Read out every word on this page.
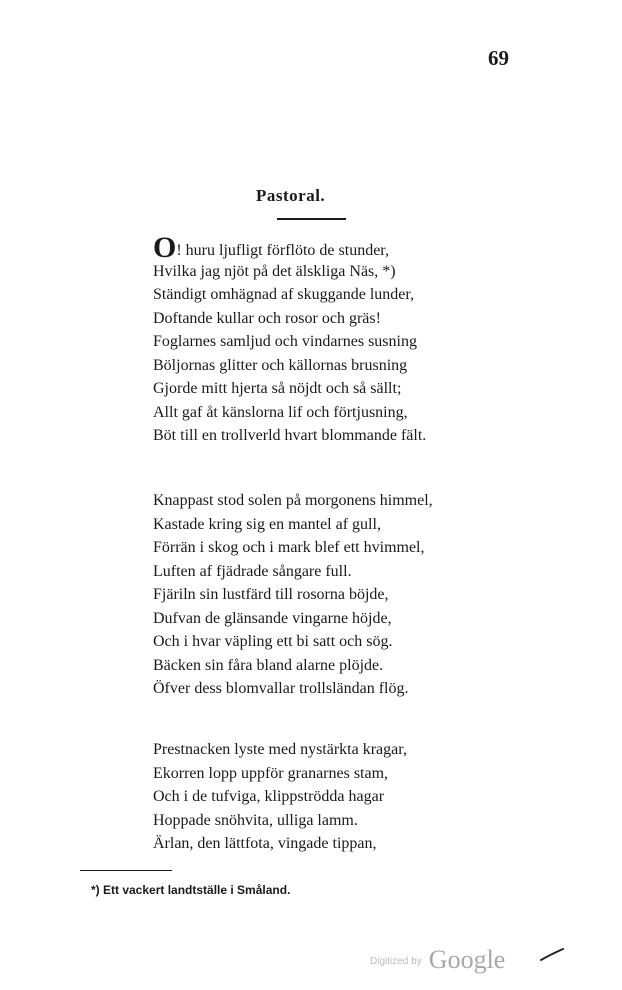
69
Pastoral.
O! huru ljufligt förflöto de stunder,
Hvilka jag njöt på det älskliga Näs, *)
Ständigt omhägnad af skuggande lunder,
Doftande kullar och rosor och gräs!
Foglarnes samljud och vindarnes susning
Böljornas glitter och källornas brusning
Gjorde mitt hjerta så nöjdt och så sällt;
Allt gaf åt känslorna lif och förtjusning,
Böt till en trollverld hvart blommande fält.
Knappast stod solen på morgonens himmel,
Kastade kring sig en mantel af gull,
Förrän i skog och i mark blef ett hvimmel,
Luften af fjädrade sångare full.
Fjäriln sin lustfärd till rosorna böjde,
Dufvan de glänsande vingarne höjde,
Och i hvar väpling ett bi satt och sög.
Bäcken sin fåra bland alarne plöjde.
Öfver dess blomvallar trollsländan flög.
Prestnacken lyste med nystärkta kragar,
Ekorren lopp uppför granarnes stam,
Och i de tufviga, klippströdda hagar
Hoppade snöhvita, ulliga lamm.
Ärlan, den lättfota, vingade tippan,
*) Ett vackert landtställe i Småland.
Digitized by Google
